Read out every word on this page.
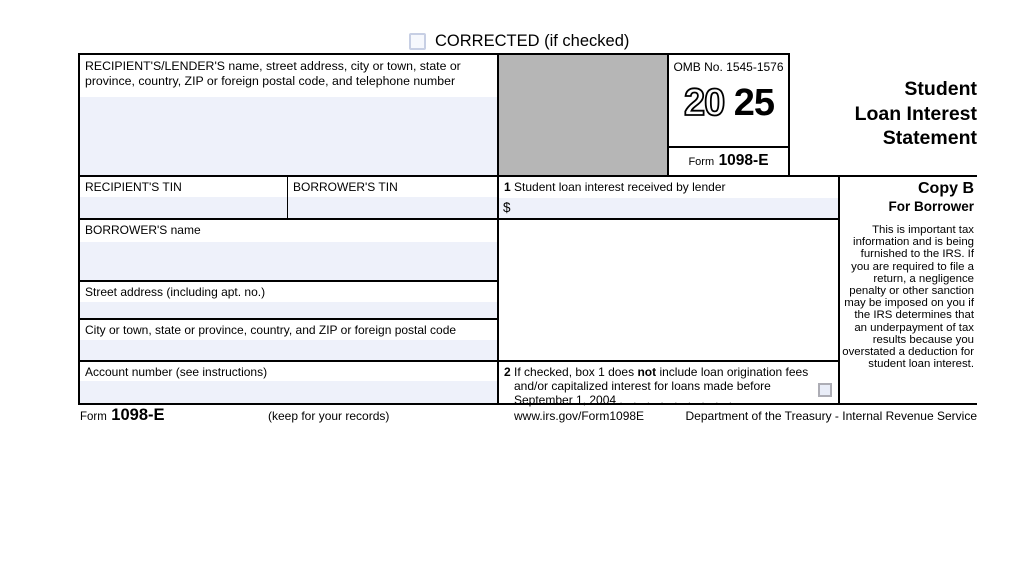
CORRECTED (if checked)
RECIPIENT'S/LENDER'S name, street address, city or town, state or province, country, ZIP or foreign postal code, and telephone number
OMB No. 1545-1576
20 25
Form 1098-E
Student
Loan Interest
Statement
RECIPIENT'S TIN	BORROWER'S TIN	1 Student loan interest received by lender
$
Copy B
For Borrower
This is important tax information and is being furnished to the IRS. If you are required to file a return, a negligence penalty or other sanction may be imposed on you if the IRS determines that an underpayment of tax results because you overstated a deduction for student loan interest.
BORROWER'S name
Street address (including apt. no.)
City or town, state or province, country, and ZIP or foreign postal code
Account number (see instructions)	2 If checked, box 1 does not include loan origination fees and/or capitalized interest for loans made before September 1, 2004 . . . . . . . . .
Form 1098-E	(keep for your records)	www.irs.gov/Form1098E	Department of the Treasury - Internal Revenue Service
